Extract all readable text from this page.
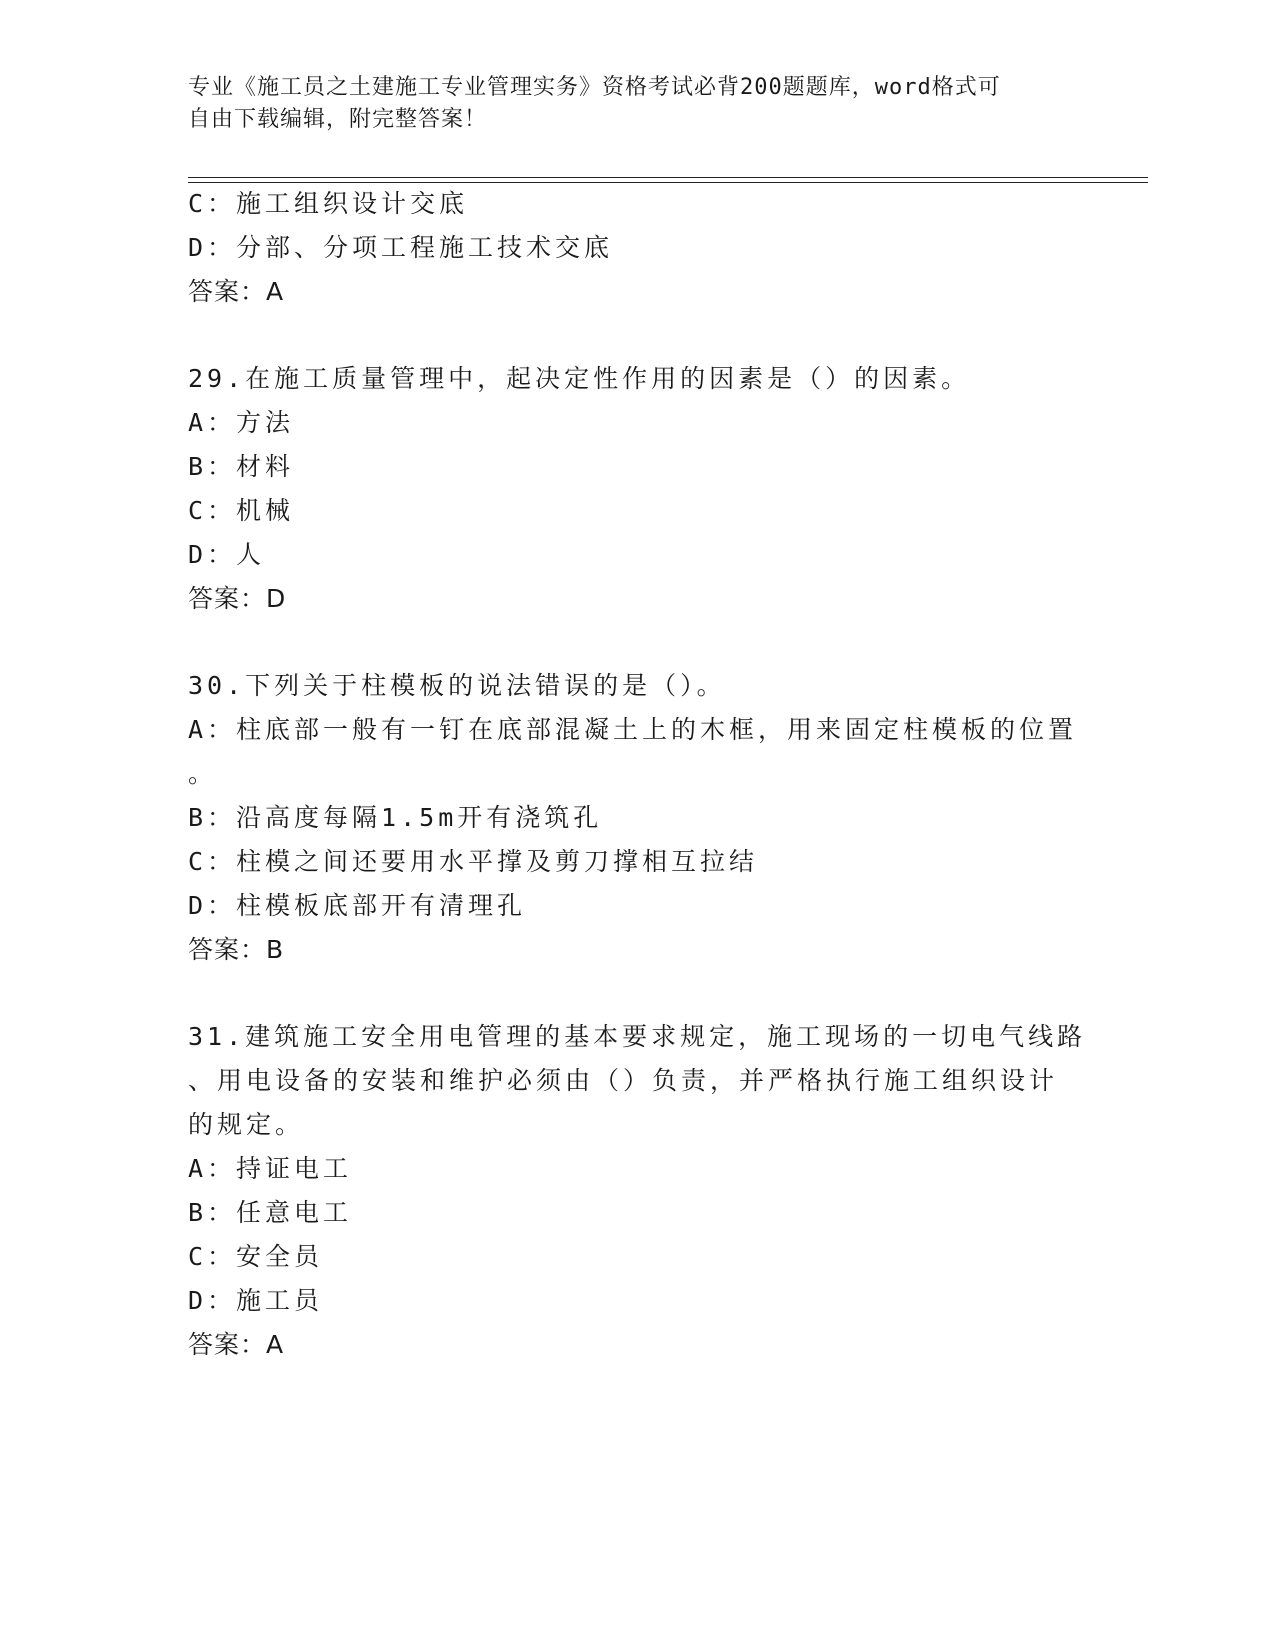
专业《施工员之土建施工专业管理实务》资格考试必背200题题库，word格式可
自由下载编辑，附完整答案！
C：施工组织设计交底
D：分部、分项工程施工技术交底
答案：A
29.在施工质量管理中，起决定性作用的因素是（）的因素。
A：方法
B：材料
C：机械
D：人
答案：D
30.下列关于柱模板的说法错误的是（）。
A：柱底部一般有一钉在底部混凝土上的木框，用来固定柱模板的位置
。
B：沿高度每隔1.5m开有浇筑孔
C：柱模之间还要用水平撑及剪刀撑相互拉结
D：柱模板底部开有清理孔
答案：B
31.建筑施工安全用电管理的基本要求规定，施工现场的一切电气线路
、用电设备的安装和维护必须由（）负责，并严格执行施工组织设计
的规定。
A：持证电工
B：任意电工
C：安全员
D：施工员
答案：A
